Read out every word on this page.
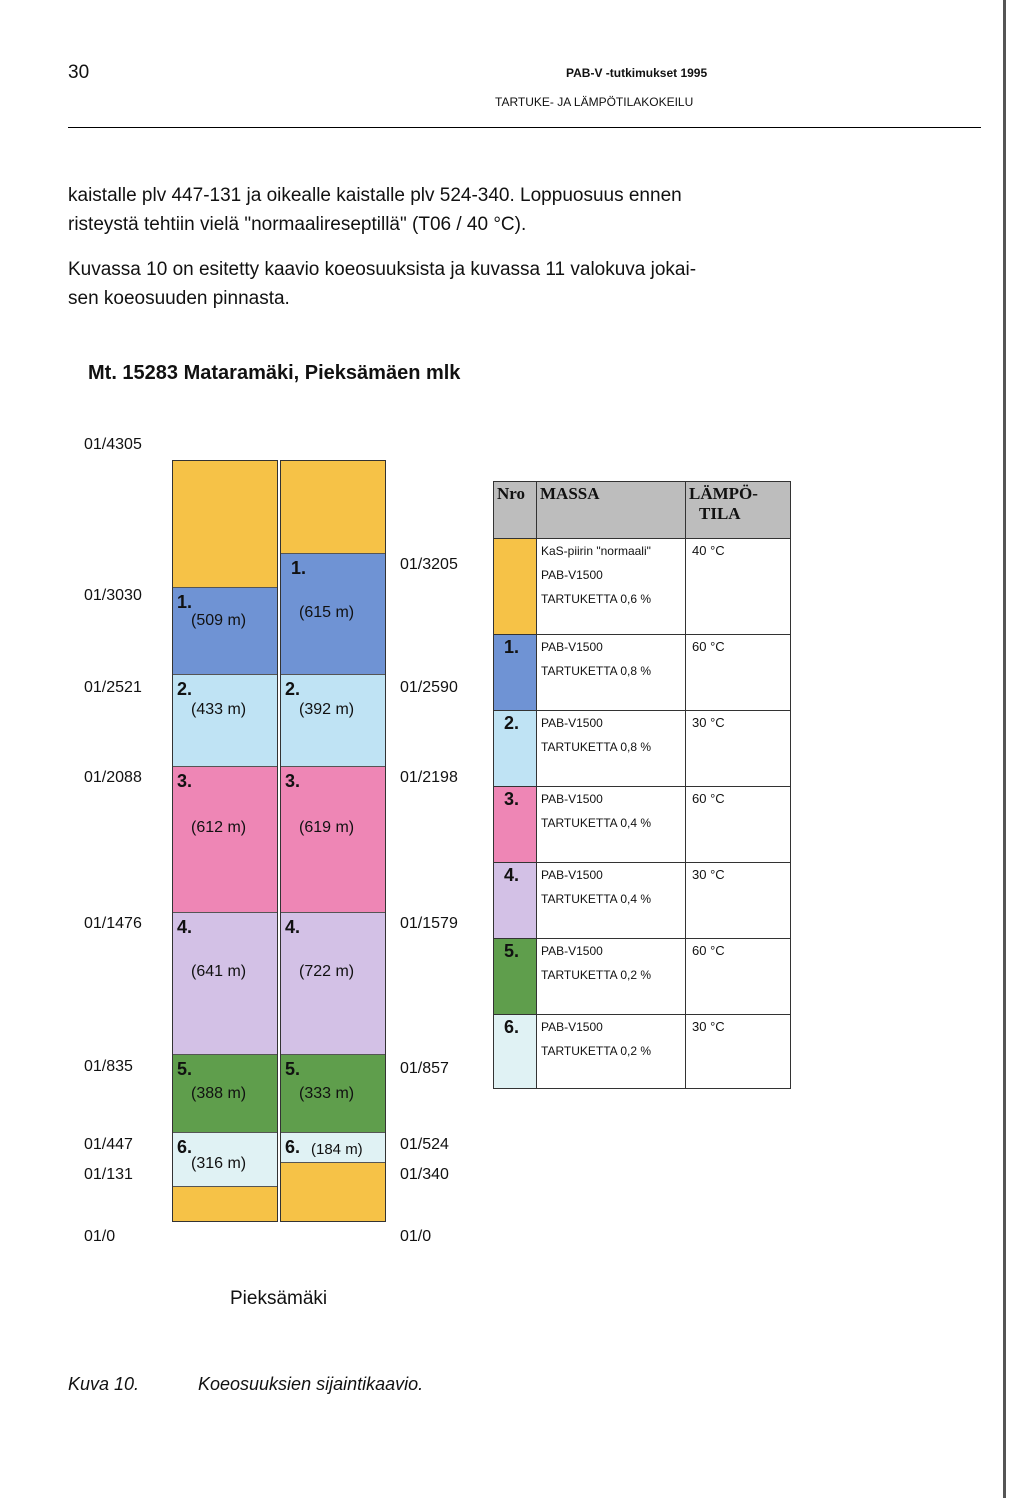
30	PAB-V -tutkimukset 1995
TARTUKE- JA LÄMPÖTILAKOKEILU
kaistalle plv 447-131 ja oikealle kaistalle plv 524-340. Loppuosuus ennen
risteystä tehtiin vielä "normaalireseptillä" (T06 / 40 °C).
Kuvassa 10 on esitetty kaavio koeosuuksista ja kuvassa 11 valokuva jokai-
sen koeosuuden pinnasta.
Mt. 15283 Mataramäki, Pieksämäen mlk
01/4305
01/3030
01/2521
01/2088
01/1476
01/835
01/447
01/131
01/0
01/3205
01/2590
01/2198
01/1579
01/857
01/524
01/340
01/0
1.
(509 m)
2.
(433 m)
3.
(612 m)
4.
(641 m)
5.
(388 m)
6.
(316 m)
1.
(615 m)
2.
(392 m)
3.
(619 m)
4.
(722 m)
5.
(333 m)
6. (184 m)
Nro	MASSA	LÄMPÖ-
TILA

	KaS-piirin "normaali"
PAB-V1500
TARTUKETTA 0,6 %	40 °C

1.	PAB-V1500
TARTUKETTA 0,8 %	60 °C

2.	PAB-V1500
TARTUKETTA 0,8 %	30 °C

3.	PAB-V1500
TARTUKETTA 0,4 %	60 °C

4.	PAB-V1500
TARTUKETTA 0,4 %	30 °C

5.	PAB-V1500
TARTUKETTA 0,2 %	60 °C

6.	PAB-V1500
TARTUKETTA 0,2 %	30 °C
Pieksämäki
Kuva 10.	Koeosuuksien sijaintikaavio.
